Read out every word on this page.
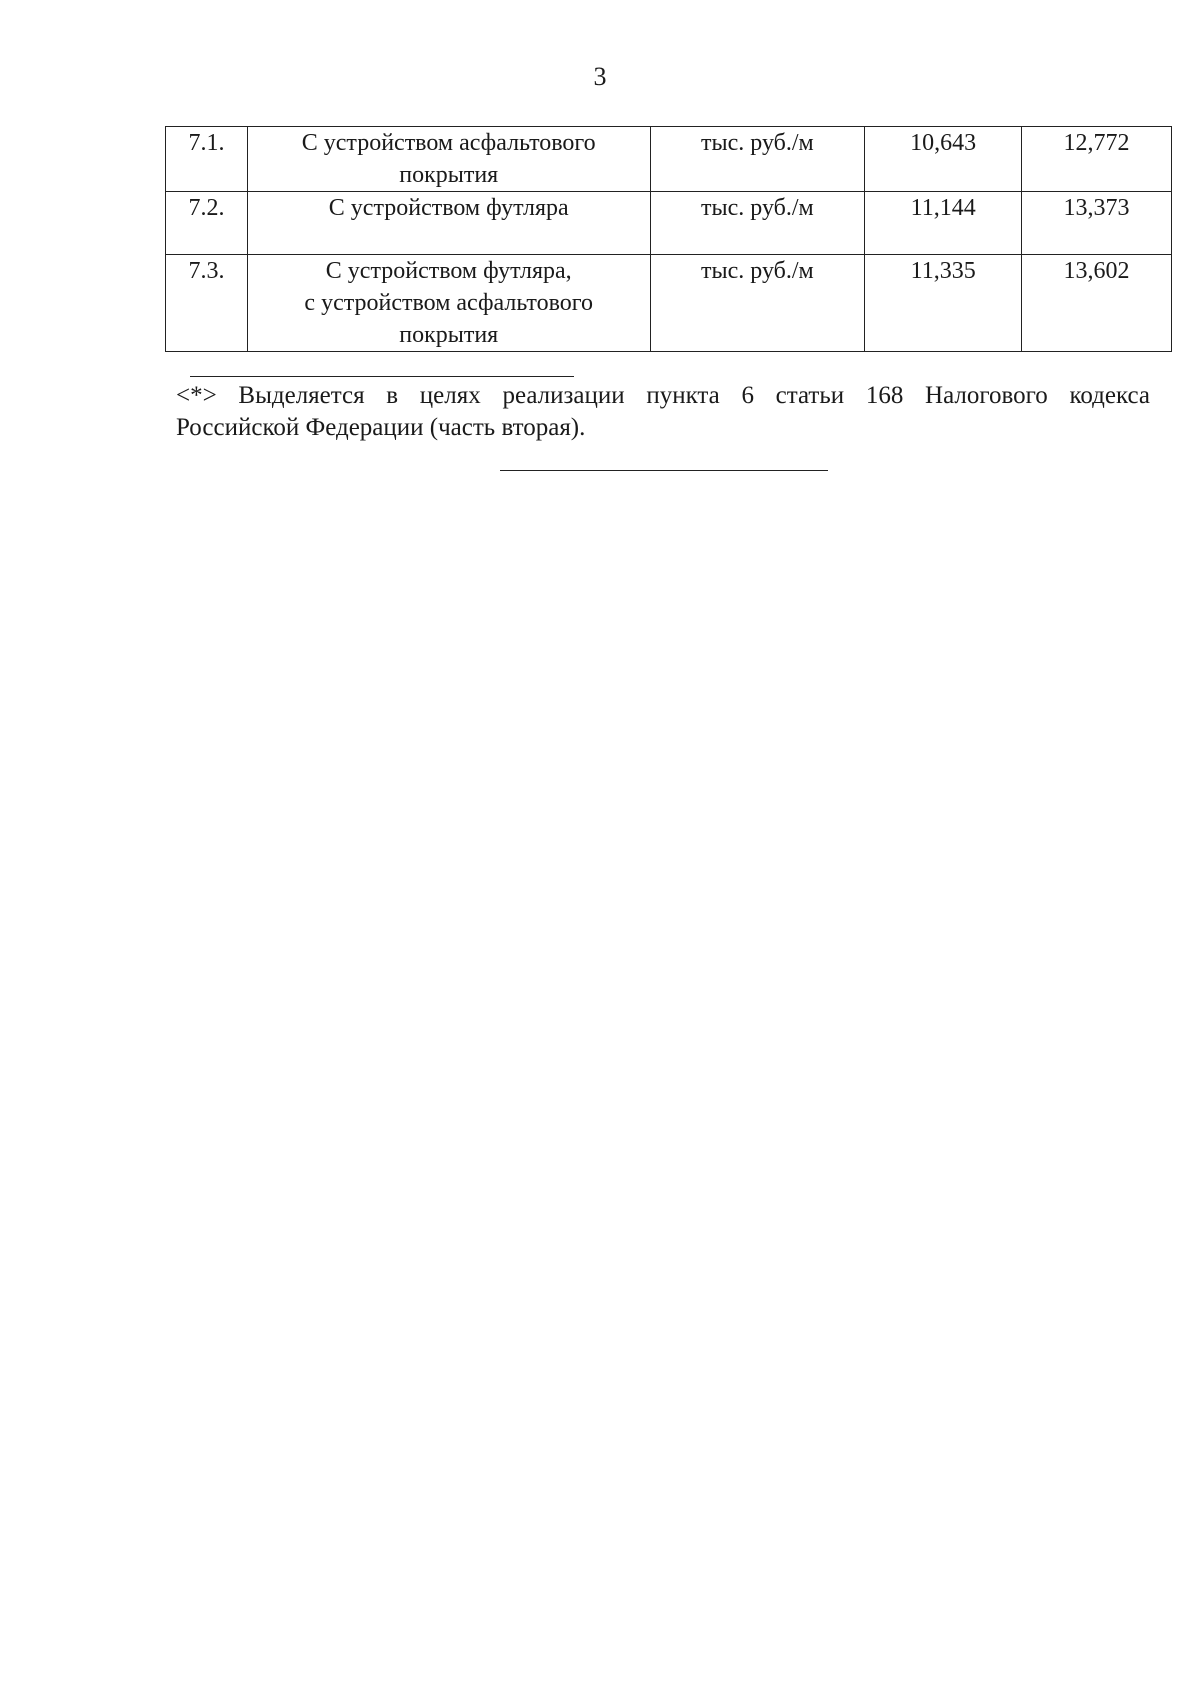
3
7.1.	С устройством асфальтового
покрытия	тыс. руб./м	10,643	12,772
7.2.	С устройством футляра	тыс. руб./м	11,144	13,373
7.3.	С устройством футляра,
с устройством асфальтового
покрытия	тыс. руб./м	11,335	13,602
<*> Выделяется в целях реализации пункта 6 статьи 168 Налогового кодекса
Российской Федерации (часть вторая).
